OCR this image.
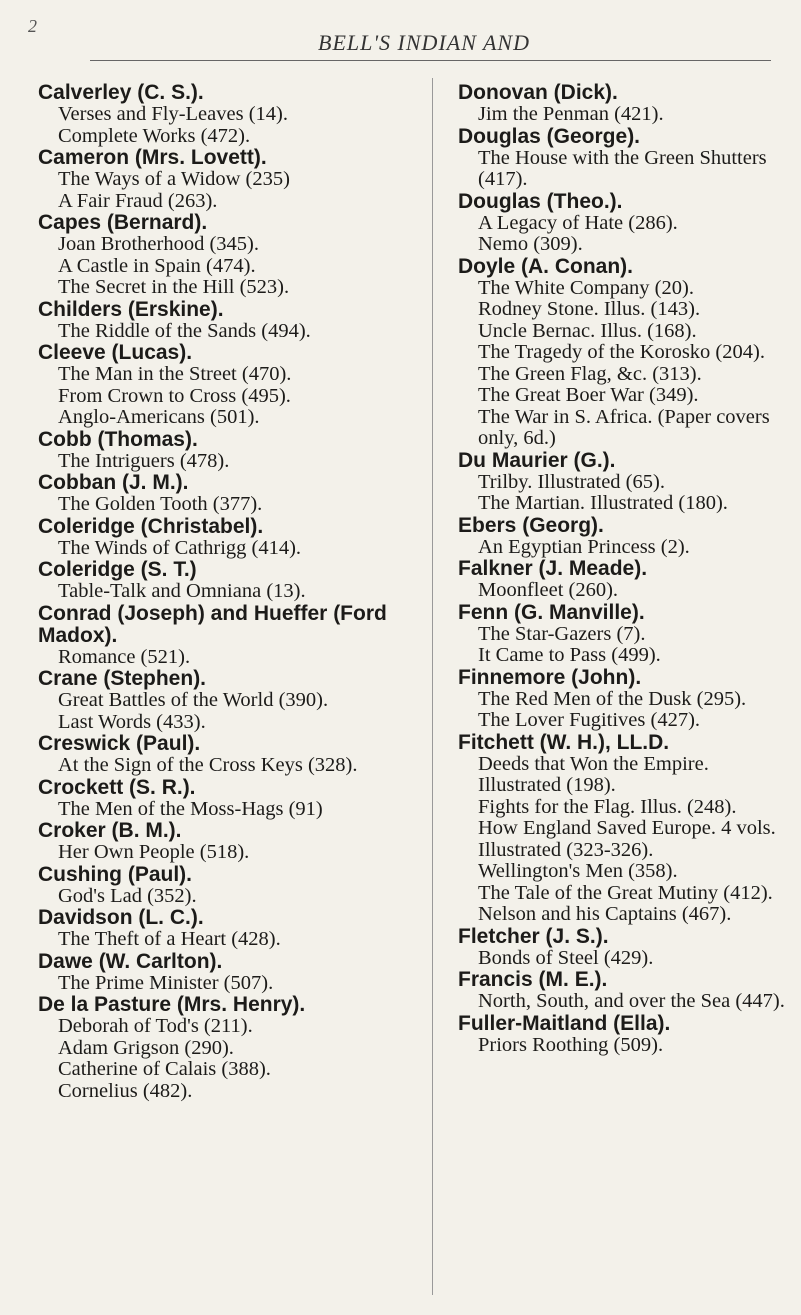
2
BELL'S INDIAN AND
Calverley (C. S.).
Verses and Fly-Leaves (14).
Complete Works (472).
Cameron (Mrs. Lovett).
The Ways of a Widow (235)
A Fair Fraud (263).
Capes (Bernard).
Joan Brotherhood (345).
A Castle in Spain (474).
The Secret in the Hill (523).
Childers (Erskine).
The Riddle of the Sands (494).
Cleeve (Lucas).
The Man in the Street (470).
From Crown to Cross (495).
Anglo-Americans (501).
Cobb (Thomas).
The Intriguers (478).
Cobban (J. M.).
The Golden Tooth (377).
Coleridge (Christabel).
The Winds of Cathrigg (414).
Coleridge (S. T.)
Table-Talk and Omniana (13).
Conrad (Joseph) and Hueffer (Ford Madox).
Romance (521).
Crane (Stephen).
Great Battles of the World (390).
Last Words (433).
Creswick (Paul).
At the Sign of the Cross Keys (328).
Crockett (S. R.).
The Men of the Moss-Hags (91)
Croker (B. M.).
Her Own People (518).
Cushing (Paul).
God's Lad (352).
Davidson (L. C.).
The Theft of a Heart (428).
Dawe (W. Carlton).
The Prime Minister (507).
De la Pasture (Mrs. Henry).
Deborah of Tod's (211).
Adam Grigson (290).
Catherine of Calais (388).
Cornelius (482).
Donovan (Dick).
Jim the Penman (421).
Douglas (George).
The House with the Green Shutters (417).
Douglas (Theo.).
A Legacy of Hate (286).
Nemo (309).
Doyle (A. Conan).
The White Company (20).
Rodney Stone. Illus. (143).
Uncle Bernac. Illus. (168).
The Tragedy of the Korosko (204).
The Green Flag, &c. (313).
The Great Boer War (349).
The War in S. Africa. (Paper covers only, 6d.)
Du Maurier (G.).
Trilby. Illustrated (65).
The Martian. Illustrated (180).
Ebers (Georg).
An Egyptian Princess (2).
Falkner (J. Meade).
Moonfleet (260).
Fenn (G. Manville).
The Star-Gazers (7).
It Came to Pass (499).
Finnemore (John).
The Red Men of the Dusk (295).
The Lover Fugitives (427).
Fitchett (W. H.), LL.D.
Deeds that Won the Empire. Illustrated (198).
Fights for the Flag. Illus. (248).
How England Saved Europe. 4 vols. Illustrated (323-326).
Wellington's Men (358).
The Tale of the Great Mutiny (412).
Nelson and his Captains (467).
Fletcher (J. S.).
Bonds of Steel (429).
Francis (M. E.).
North, South, and over the Sea (447).
Fuller-Maitland (Ella).
Priors Roothing (509).
